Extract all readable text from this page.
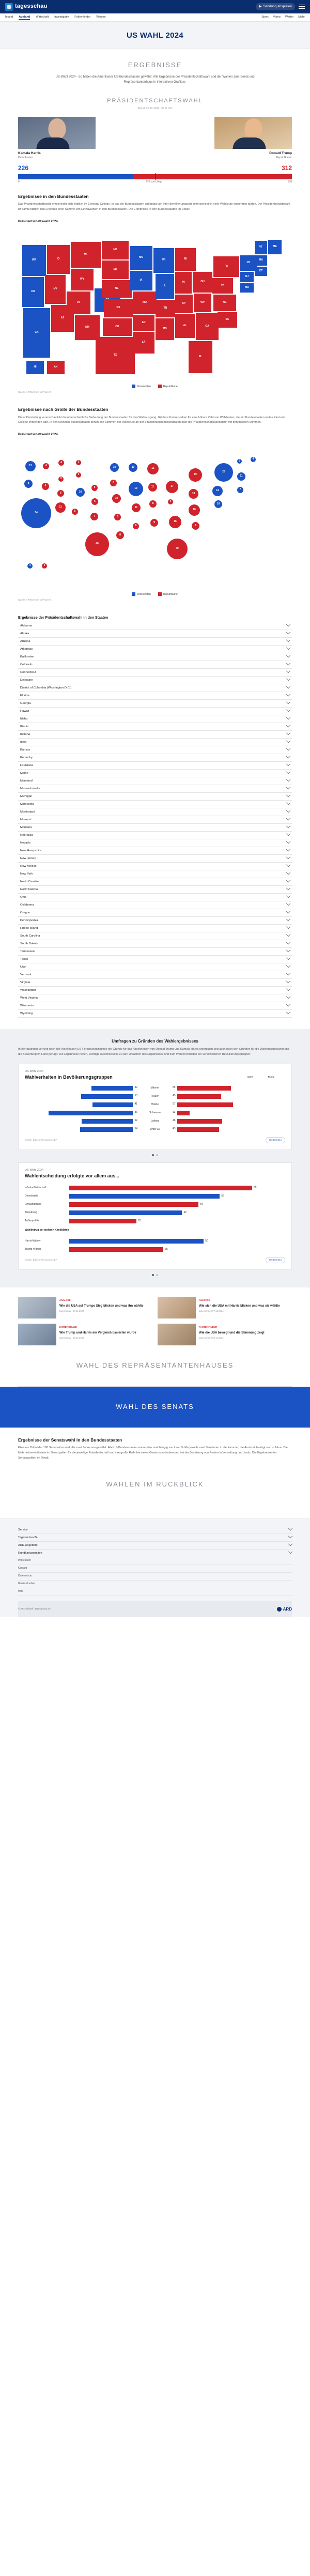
tagesschau	▶ Sendung abspielen
Inland Ausland Wirtschaft Investigativ Faktenfinder Wissen	Sport Video Wetter Mehr
US WAHL 2024
ERGEBNISSE

US-Wahl 2024 - So haben die Amerikaner US-Bundesstaaten gewählt: Alle Ergebnisse der Präsidentschaftswahl und der Wahlen zum Senat und Repräsentantenhaus in interaktiven Grafiken.

PRÄSIDENTSCHAFTSWAHL
Stand: 20.11.2024, 08:11 Uhr
Kamala Harris
Demokraten
Donald Trump
Republikaner
226	312
0	270 zum Sieg	538
Ergebnisse in den Bundesstaaten

Das Präsidentschaftswahl entscheidet sich letztlich im Electoral College. In das die Bundesstaaten abhängig von ihrer Bevölkerungszahl unterschiedlich viele Wahlleute entsenden dürfen. Die Präsidentschaftswahl ist damit letztlich das Ergebnis einer Summe von Einzelwahlen in den Bundesstaaten. Die Ergebnisse in den Bundesstaaten im Detail:

Präsidentschaftswahl 2024
WA
OR
CA
ID
NV
AZ
MT
WY
UT
NM
ND
SD
NE
KS
OK
TX
MN
IA
MO
AR
LA
WI
IL
TN
MS
IN
KY
AL
MI
OH
WV
GA
FL
PA
VA
NC
SC
NY
NJ
MD
VT	ME
MA
CT
HI	AK
Demokraten	Republikaner
Quelle: AP/Stimmen in Prozent
Ergebnisse nach Größe der Bundesstaaten

Diese Darstellung veranschaulicht die unterschiedliche Bedeutung der Bundesstaaten für den Wahlausgang. Größere Kreise stehen für eine höhere Zahl von Wahlleuten, die ein Bundesstaaten in das Electoral College entsenden darf. In den kleinsten Bundesstaaten gehen alle Stimmen der Wahlleute an den Präsidentschaftskandidaten oder die Präsidentschaftskandidatin mit den meisten Stimmen.

Präsidentschaftswahl 2024
12
8
54
4
6
11
4
3
6
5
10
3
3
5
6
7
40
10
6
10
6
8
10
19
11
6
11
8
9
15
17
4
16
30
19
13
16
9
28
14
10
3
4
11
7
4	3
Demokraten	Republikaner
Quelle: AP/Stimmen in Prozent
Ergebnisse der Präsidentschaftswahl in den Staaten
Alabama
Alaska
Arizona
Arkansas
Kalifornien
Colorado
Connecticut
Delaware
District of Columbia (Washington D.C.)
Florida
Georgia
Hawaii
Idaho
Illinois
Indiana
Iowa
Kansas
Kentucky
Louisiana
Maine
Maryland
Massachusetts
Michigan
Minnesota
Mississippi
Missouri
Montana
Nebraska
Nevada
New Hampshire
New Jersey
New Mexico
New York
North Carolina
North Dakota
Ohio
Oklahoma
Oregon
Pennsylvania
Rhode Island
South Carolina
South Dakota
Tennessee
Texas
Utah
Vermont
Virginia
Washington
West Virginia
Wisconsin
Wyoming
Umfragen zu Gründen des Wahlergebnisses

In Befragungen vor und nach der Wahl haben US-Forschungsinstitute die Gründe für das Abschneiden von Donald Trump und Kamala Harris untersucht und auch nach den Gründen für die Wahlentscheidung und die Bewertung im Land gefragt. Die Ergebnisse helfen, wichtige Aufschlüsselle zu den Ursachen des Ergebnisses und zum Wählerverhalten bei verschiedenen Bevölkerungsgruppen.

US-Wahl 2024
Wahlverhalten in Bevölkerungsgruppen	Harris	Trump
42	Männer	55
53	Frauen	45
41	Weiße	57
86	Schwarze	13
52	Latinos	46
54	Unter 30	43
Quelle: Edison Research / NEP	Weiterleiten
US-Wahl 2024
Wahlentscheidung erfolgte vor allem aus...
Inflation/Wirtschaft	68
Demokratie	56
Einwanderung	48
Abtreibung	42
Außenpolitik	25
Wahlbetrug bei anderen Kandidaten
Harris-Wähler	50
Trump-Wähler	35
Quelle: Edison Research / NEP	Weiterleiten
ANALYSE
Wie die USA auf Trumps Sieg blicken und was ihn wählte
tagesschau | 07.11.2024
ANALYSE
Wie sich die USA mit Harris blicken und was sie wählte
tagesschau | 07.11.2024
HINTERGRUND
Wie Trump und Harris ein Vergleich basierten wurde
tagesschau | 06.11.2024
FAKTENFINDER
Wie die USA bewegt und die Stimmung zeigt
tagesschau | 06.11.2024
WAHL DES REPRÄSENTANTENHAUSES
WAHL DES SENATS
Ergebnisse der Senatswahl in den Bundesstaaten

Etwa ein Drittel der 100 Senatssitze wird alle zwei Jahre neu gewählt. Alle US-Bundesstaaten entsenden unabhängig von ihrer Größe jeweils zwei Senatoren in die Kammer, die Amtszeit beträgt sechs Jahre. Die Mehrheitsverhältnisse im Senat gelten für die jeweilige Präsidentschaft und ihre große Rolle bei vielen Gesetzesvorhaben und bei der Besetzung von Posten in Verwaltung und Justiz. Die Ergebnisse der Senatswahlen im Detail:

WAHLEN IM RÜCKBLICK
Service
Tagesschau 24
ARD-Angebote
Rundfunkanstalten
Impressum
Kontakt
Datenschutz
Barrierefreiheit
Hilfe
© ARD-aktuell / tagesschau.de	ARD
